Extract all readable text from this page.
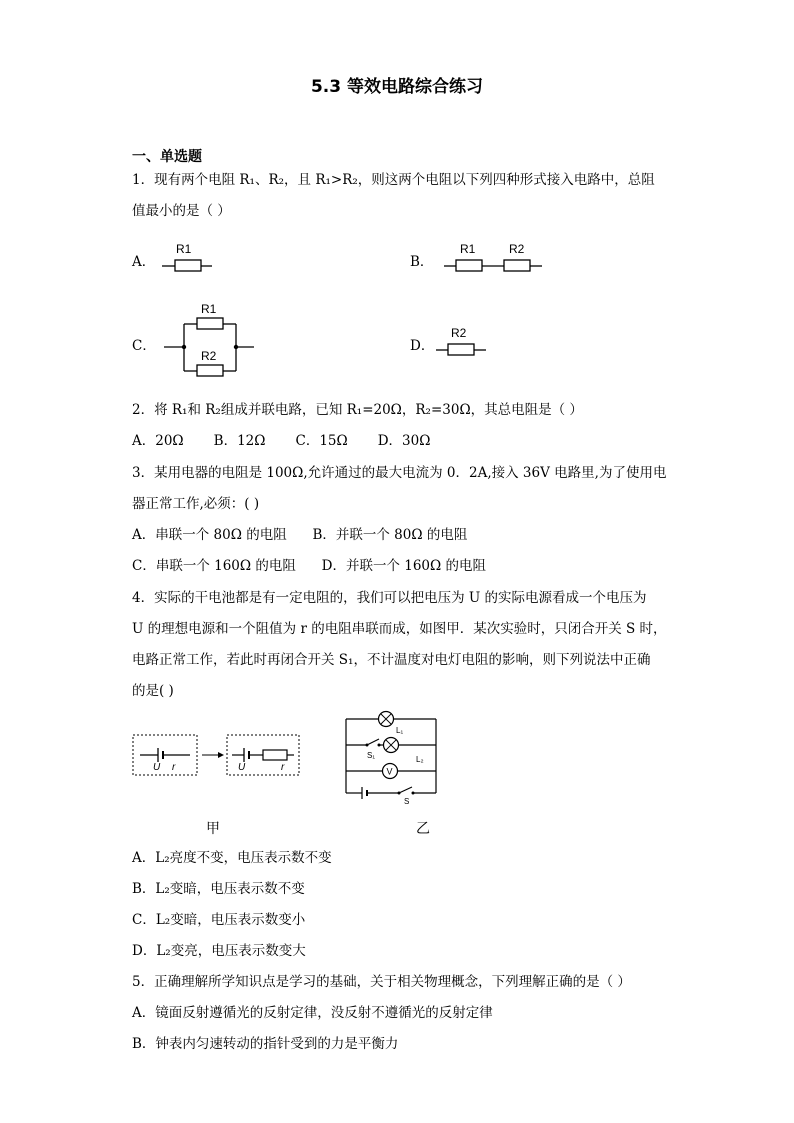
5.3 等效电路综合练习
一、单选题
1．现有两个电阻 R₁、R₂，且 R₁>R₂，则这两个电阻以下列四种形式接入电路中，总阻
值最小的是（ ）
A．
R1
B．
R1	R2
C．
R1
R2
D．
R2
2．将 R₁和 R₂组成并联电路，已知 R₁=20Ω，R₂=30Ω，其总电阻是（ ）
A．20Ω       B．12Ω       C．15Ω       D．30Ω
3．某用电器的电阻是 100Ω,允许通过的最大电流为 0．2A,接入 36V 电路里,为了使用电
器正常工作,必须：( )
A．串联一个 80Ω 的电阻      B．并联一个 80Ω 的电阻
C．串联一个 160Ω 的电阻      D．并联一个 160Ω 的电阻
4．实际的干电池都是有一定电阻的，我们可以把电压为 U 的实际电源看成一个电压为
U 的理想电源和一个阻值为 r 的电阻串联而成，如图甲．某次实验时，只闭合开关 S 时，
电路正常工作，若此时再闭合开关 S₁，不计温度对电灯电阻的影响，则下列说法中正确
的是( )
U r	U	r
L₁
S₁	L₂
V
S
甲	乙
A．L₂亮度不变，电压表示数不变
B．L₂变暗，电压表示数不变
C．L₂变暗，电压表示数变小
D．L₂变亮，电压表示数变大
5．正确理解所学知识点是学习的基础，关于相关物理概念，下列理解正确的是（ ）
A．镜面反射遵循光的反射定律，没反射不遵循光的反射定律
B．钟表内匀速转动的指针受到的力是平衡力
